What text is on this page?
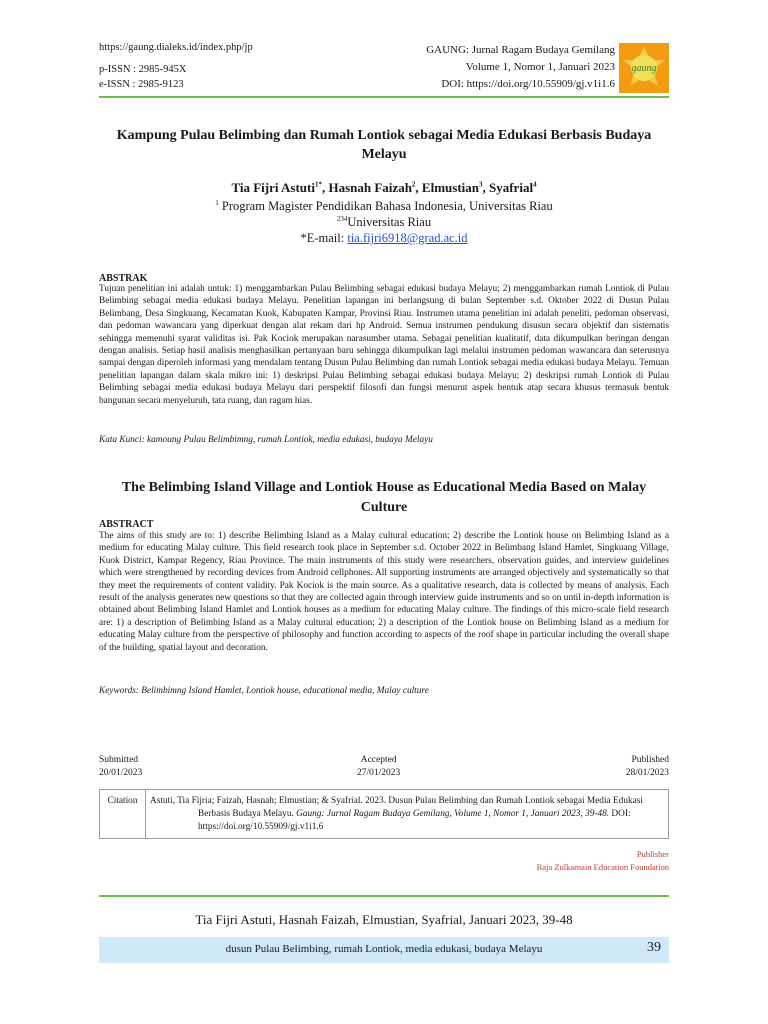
https://gaung.dialeks.id/index.php/jp
p-ISSN : 2985-945X
e-ISSN : 2985-9123
GAUNG: Jurnal Ragam Budaya Gemilang
Volume 1, Nomor 1, Januari 2023
DOI: https://doi.org/10.55909/gj.v1i1.6
gaung
Kampung Pulau Belimbing dan Rumah Lontiok sebagai Media Edukasi Berbasis Budaya Melayu
Tia Fijri Astuti$^{1*}$, Hasnah Faizah$^2$, Elmustian$^3$, Syafrial$^4$
$^1$ Program Magister Pendidikan Bahasa Indonesia, Universitas Riau
$^{234}$Universitas Riau
*E-mail: tia.fijri6918@grad.ac.id
ABSTRAK
Tujuan penelitian ini adalah untuk: 1) menggambarkan Pulau Belimbing sebagai edukasi budaya Melayu; 2) menggambarkan rumah Lontiok di Pulau Belimbing sebagai media edukasi budaya Melayu. Penelitian lapangan ini berlangsung di bulan September s.d. Oktober 2022 di Dusun Pulau Belimbang, Desa Singkuang, Kecamatan Kuok, Kabupaten Kampar, Provinsi Riau. Instrumen utama penelitian ini adalah peneliti, pedoman observasi, dan pedoman wawancara yang diperkuat dengan alat rekam dari hp Android. Semua instrumen pendukung disusun secara objektif dan sistematis sehingga memenuhi syarat validitas isi. Pak Kociok merupakan narasumber utama. Sebagai penelitian kualitatif, data dikumpulkan beringan dengan dengan analisis. Setiap hasil analisis menghasilkan pertanyaan baru sehingga dikumpulkan lagi melalui instrumen pedoman wawancara dan seterusnya sampai dengan diperoleh informasi yang mendalam tentang Dusun Pulau Belimbing dan rumah Lontiok sebagai media edukasi budaya Melayu. Temuan penelitian lapangan dalam skala mikro ini: 1) deskripsi Pulau Belimbing sebagai edukasi budaya Melayu; 2) deskripsi rumah Lontiok di Pulau Belimbing sebagai media edukasi budaya Melayu dari perspektif filosofi dan fungsi menurut aspek bentuk atap secara khusus termasuk bentuk bangunan secara menyeluruh, tata ruang, dan ragam hias.
Kata Kunci: kamoung Pulau Belimbimng, rumah Lontiok, media edukasi, budaya Melayu
The Belimbing Island Village and Lontiok House as Educational Media Based on Malay Culture
ABSTRACT
The aims of this study are to: 1) describe Belimbing Island as a Malay cultural education; 2) describe the Lontiok house on Belimbing Island as a medium for educating Malay culture. This field research took place in September s.d. October 2022 in Belimbang Island Hamlet, Singkuang Village, Kuok District, Kampar Regency, Riau Province. The main instruments of this study were researchers, observation guides, and interview guidelines which were strengthened by recording devices from Android cellphones. All supporting instruments are arranged objectively and systematically so that they meet the requirements of content validity. Pak Kociok is the main source. As a qualitative research, data is collected by means of analysis. Each result of the analysis generates new questions so that they are collected again through interview guide instruments and so on until in-depth information is obtained about Belimbing Island Hamlet and Lontiok houses as a medium for educating Malay culture. The findings of this micro-scale field research are: 1) a description of Belimbing Island as a Malay cultural education; 2) a description of the Lontiok house on Belimbing Island as a medium for educating Malay culture from the perspective of philosophy and function according to aspects of the roof shape in particular including the overall shape of the building, spatial layout and decoration.
Keywords: Belimbimng Island Hamlet, Lontiok house, educational media, Malay culture
Submitted
20/01/2023
Accepted
27/01/2023
Published
28/01/2023
Citation	Astuti, Tia Fijria; Faizah, Hasnah; Elmustian; & Syafrial. 2023. Dusun Pulau Belimbing dan Rumah Lontiok sebagai Media Edukasi Berbasis Budaya Melayu. Gaung: Jurnal Ragam Budaya Gemilang, Volume 1, Nomor 1, Januari 2023, 39-48. DOI: https://doi.org/10.55909/gj.v1i1.6
Publisher
Raja Zulkarnain Education Foundation
Tia Fijri Astuti, Hasnah Faizah, Elmustian, Syafrial, Januari 2023, 39-48
dusun Pulau Belimbing, rumah Lontiok, media edukasi, budaya Melayu	39
